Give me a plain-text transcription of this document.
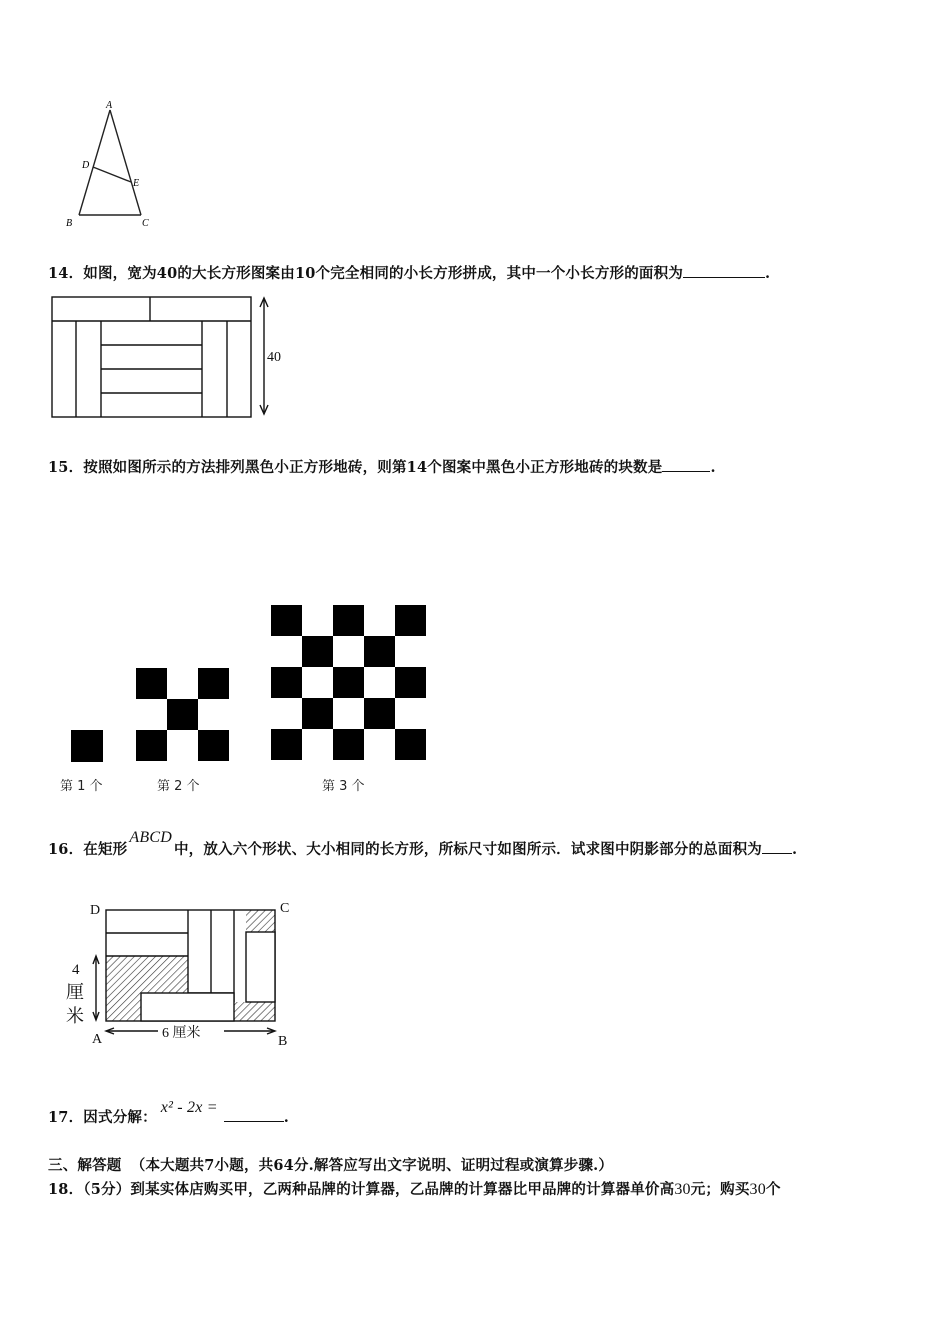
A
D
E
B	C
14．如图，宽为40的大长方形图案由10个完全相同的小长方形拼成，其中一个小长方形的面积为	.
40
15．按照如图所示的方法排列黑色小正方形地砖，则第14个图案中黑色小正方形地砖的块数是	.
第 1 个	第 2 个	第 3 个
16．在矩形ABCD中，放入六个形状、大小相同的长方形，所标尺寸如图所示．试求图中阴影部分的总面积为 .
D	C
A	B
4
厘
米
6 厘米
17．因式分解：x² - 2x =.
三、解答题 （本大题共7小题，共64分.解答应写出文字说明、证明过程或演算步骤.）
18．（5分）到某实体店购买甲，乙两种品牌的计算器，乙品牌的计算器比甲品牌的计算器单价高30元；购买30个
